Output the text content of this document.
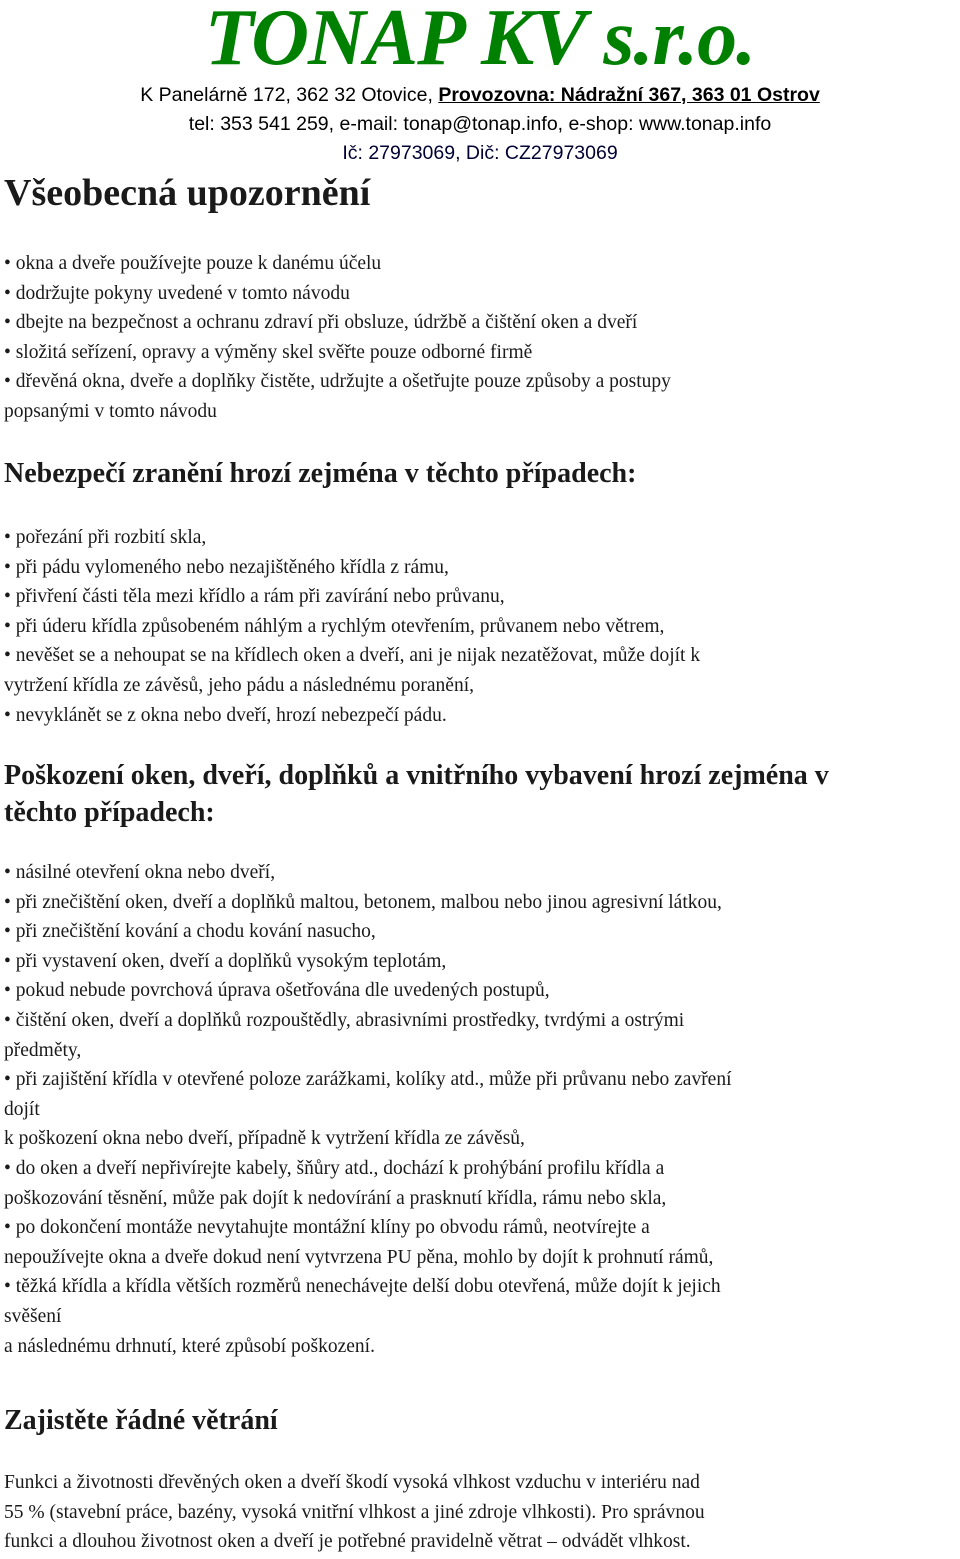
TONAP KV s.r.o.

K Panelárně 172, 362 32 Otovice, Provozovna: Nádražní 367, 363 01 Ostrov

tel: 353 541 259, e-mail: tonap@tonap.info, e-shop: www.tonap.info

Ič: 27973069, Dič: CZ27973069

Všeobecná upozornění
• okna a dveře používejte pouze k danému účelu
• dodržujte pokyny uvedené v tomto návodu
• dbejte na bezpečnost a ochranu zdraví při obsluze, údržbě a čištění oken a dveří
• složitá seřízení, opravy a výměny skel svěřte pouze odborné firmě
• dřevěná okna, dveře a doplňky čistěte, udržujte a ošetřujte pouze způsoby a postupy
popsanými v tomto návodu
Nebezpečí zranění hrozí zejména v těchto případech:
• pořezání při rozbití skla,
• při pádu vylomeného nebo nezajištěného křídla z rámu,
• přivření části těla mezi křídlo a rám při zavírání nebo průvanu,
• při úderu křídla způsobeném náhlým a rychlým otevřením, průvanem nebo větrem,
• nevěšet se a nehoupat se na křídlech oken a dveří, ani je nijak nezatěžovat, může dojít k
vytržení křídla ze závěsů, jeho pádu a následnému poranění,
• nevyklánět se z okna nebo dveří, hrozí nebezpečí pádu.
Poškození oken, dveří, doplňků a vnitřního vybavení hrozí zejména v
těchto případech:
• násilné otevření okna nebo dveří,
• při znečištění oken, dveří a doplňků maltou, betonem, malbou nebo jinou agresivní látkou,
• při znečištění kování a chodu kování nasucho,
• při vystavení oken, dveří a doplňků vysokým teplotám,
• pokud nebude povrchová úprava ošetřována dle uvedených postupů,
• čištění oken, dveří a doplňků rozpouštědly, abrasivními prostředky, tvrdými a ostrými
předměty,
• při zajištění křídla v otevřené poloze zarážkami, kolíky atd., může při průvanu nebo zavření
dojít
k poškození okna nebo dveří, případně k vytržení křídla ze závěsů,
• do oken a dveří nepřivírejte kabely, šňůry atd., dochází k prohýbání profilu křídla a
poškozování těsnění, může pak dojít k nedovírání a prasknutí křídla, rámu nebo skla,
• po dokončení montáže nevytahujte montážní klíny po obvodu rámů, neotvírejte a
nepoužívejte okna a dveře dokud není vytvrzena PU pěna, mohlo by dojít k prohnutí rámů,
• těžká křídla a křídla větších rozměrů nenechávejte delší dobu otevřená, může dojít k jejich
svěšení
a následnému drhnutí, které způsobí poškození.
Zajistěte řádné větrání

Funkci a životnosti dřevěných oken a dveří škodí vysoká vlhkost vzduchu v interiéru nad
55 % (stavební práce, bazény, vysoká vnitřní vlhkost a jiné zdroje vlhkosti). Pro správnou
funkci a dlouhou životnost oken a dveří je potřebné pravidelně větrat – odvádět vlhkost.
